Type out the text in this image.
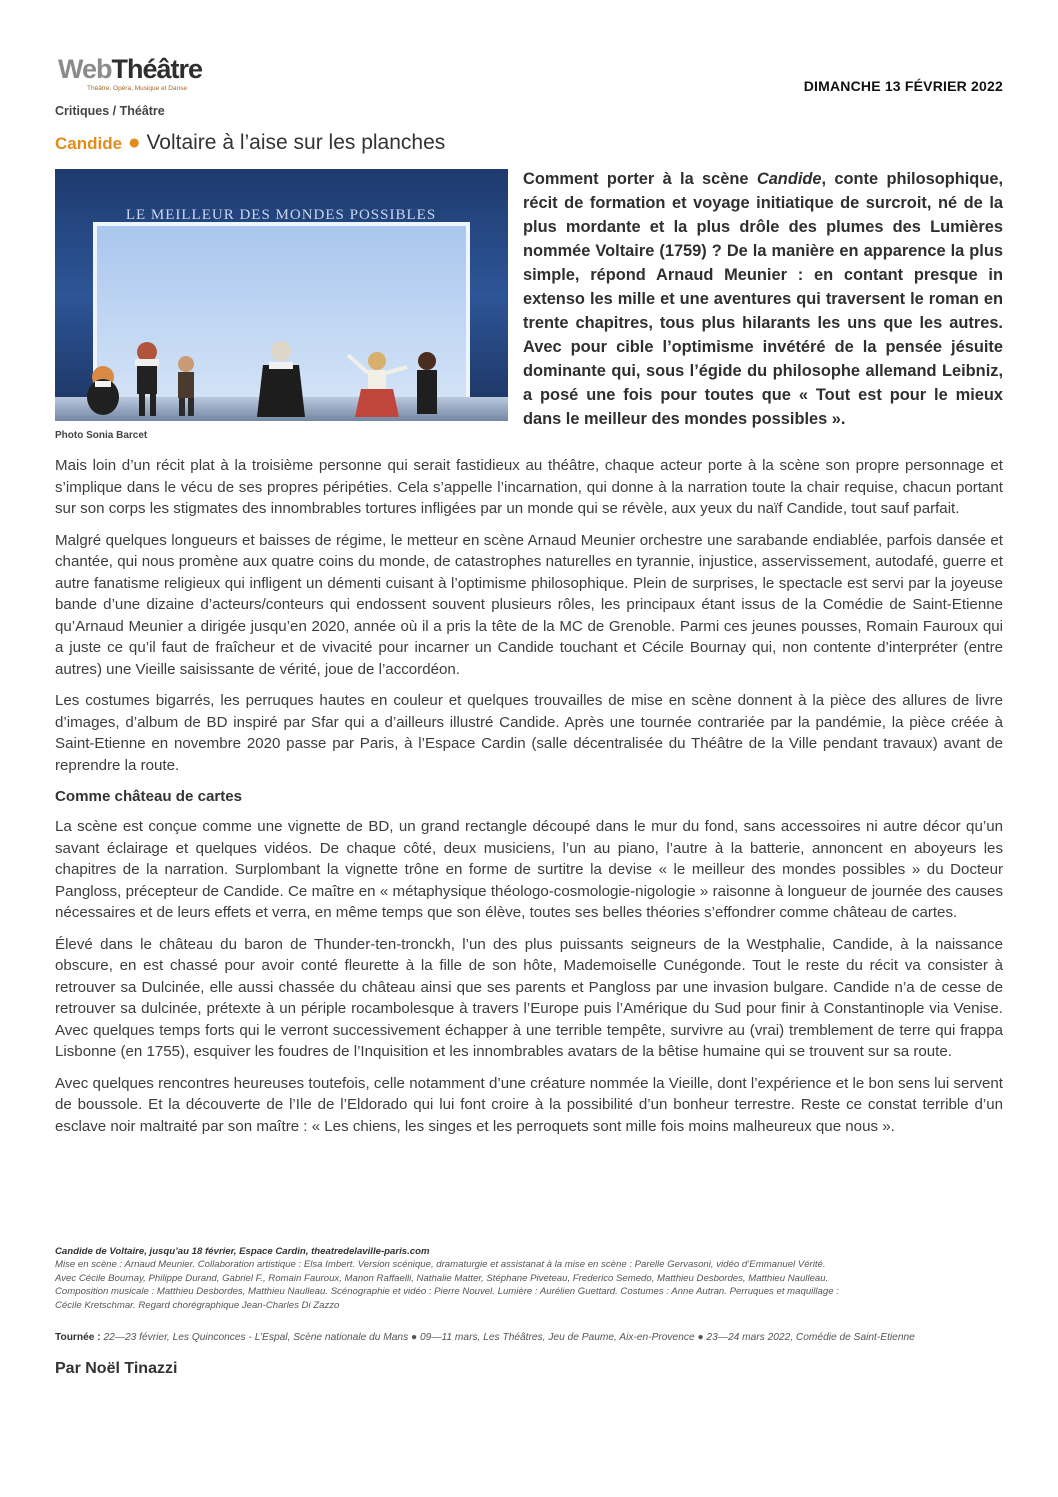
WebThéâtre
Théâtre, Opéra, Musique et Danse	DIMANCHE 13 FÉVRIER 2022
Critiques / Théâtre
Candide ● Voltaire à l’aise sur les planches
LE MEILLEUR DES MONDES POSSIBLES
Photo Sonia Barcet

Comment porter à la scène Candide, conte philosophique, récit de formation et voyage initiatique de surcroit, né de la plus mordante et la plus drôle des plumes des Lumières nommée Voltaire (1759) ? De la manière en apparence la plus simple, répond Arnaud Meunier : en contant presque in extenso les mille et une aventures qui traversent le roman en trente chapitres, tous plus hilarants les uns que les autres. Avec pour cible l’optimisme invétéré de la pensée jésuite dominante qui, sous l’égide du philosophe allemand Leibniz, a posé une fois pour toutes que « Tout est pour le mieux dans le meilleur des mondes possibles ».

Mais loin d’un récit plat à la troisième personne qui serait fastidieux au théâtre, chaque acteur porte à la scène son propre personnage et s’implique dans le vécu de ses propres péripéties. Cela s’appelle l’incarnation, qui donne à la narration toute la chair requise, chacun portant sur son corps les stigmates des innombrables tortures infligées par un monde qui se révèle, aux yeux du naïf Candide, tout sauf parfait.

Malgré quelques longueurs et baisses de régime, le metteur en scène Arnaud Meunier orchestre une sarabande endiablée, parfois dansée et chantée, qui nous promène aux quatre coins du monde, de catastrophes naturelles en tyrannie, injustice, asservissement, autodafé, guerre et autre fanatisme religieux qui infligent un démenti cuisant à l’optimisme philosophique. Plein de surprises, le spectacle est servi par la joyeuse bande d’une dizaine d’acteurs/conteurs qui endossent souvent plusieurs rôles, les principaux étant issus de la Comédie de Saint-Etienne qu’Arnaud Meunier a dirigée jusqu’en 2020, année où il a pris la tête de la MC de Grenoble. Parmi ces jeunes pousses, Romain Fauroux qui a juste ce qu’il faut de fraîcheur et de vivacité pour incarner un Candide touchant et Cécile Bournay qui, non contente d’interpréter (entre autres) une Vieille saisissante de vérité, joue de l’accordéon.

Les costumes bigarrés, les perruques hautes en couleur et quelques trouvailles de mise en scène donnent à la pièce des allures de livre d’images, d’album de BD inspiré par Sfar qui a d’ailleurs illustré Candide. Après une tournée contrariée par la pandémie, la pièce créée à Saint-Etienne en novembre 2020 passe par Paris, à l’Espace Cardin (salle décentralisée du Théâtre de la Ville pendant travaux) avant de reprendre la route.

Comme château de cartes

La scène est conçue comme une vignette de BD, un grand rectangle découpé dans le mur du fond, sans accessoires ni autre décor qu’un savant éclairage et quelques vidéos. De chaque côté, deux musiciens, l’un au piano, l’autre à la batterie, annoncent en aboyeurs les chapitres de la narration. Surplombant la vignette trône en forme de surtitre la devise « le meilleur des mondes possibles » du Docteur Pangloss, précepteur de Candide. Ce maître en « métaphysique théologo-cosmologie-nigologie » raisonne à longueur de journée des causes nécessaires et de leurs effets et verra, en même temps que son élève, toutes ses belles théories s’effondrer comme château de cartes.

Élevé dans le château du baron de Thunder-ten-tronckh, l’un des plus puissants seigneurs de la Westphalie, Candide, à la naissance obscure, en est chassé pour avoir conté fleurette à la fille de son hôte, Mademoiselle Cunégonde. Tout le reste du récit va consister à retrouver sa Dulcinée, elle aussi chassée du château ainsi que ses parents et Pangloss par une invasion bulgare. Candide n’a de cesse de retrouver sa dulcinée, prétexte à un périple rocambolesque à travers l’Europe puis l’Amérique du Sud pour finir à Constantinople via Venise. Avec quelques temps forts qui le verront successivement échapper à une terrible tempête, survivre au (vrai) tremblement de terre qui frappa Lisbonne (en 1755), esquiver les foudres de l’Inquisition et les innombrables avatars de la bêtise humaine qui se trouvent sur sa route.

Avec quelques rencontres heureuses toutefois, celle notamment d’une créature nommée la Vieille, dont l’expérience et le bon sens lui servent de boussole. Et la découverte de l’Ile de l’Eldorado qui lui font croire à la possibilité d’un bonheur terrestre. Reste ce constat terrible d’un esclave noir maltraité par son maître : « Les chiens, les singes et les perroquets sont mille fois moins malheureux que nous ».

Candide de Voltaire, jusqu’au 18 février, Espace Cardin, theatredelaville-paris.com
Mise en scène : Arnaud Meunier. Collaboration artistique : Elsa Imbert. Version scénique, dramaturgie et assistanat à la mise en scène : Parelle Gervasoni, vidéo d’Emmanuel Vérité.
Avec Cécile Bournay, Philippe Durand, Gabriel F., Romain Fauroux, Manon Raffaelli, Nathalie Matter, Stéphane Piveteau, Frederico Semedo, Matthieu Desbordes, Matthieu Naulleau.
Composition musicale : Matthieu Desbordes, Matthieu Naulleau. Scénographie et vidéo : Pierre Nouvel. Lumière : Aurélien Guettard. Costumes : Anne Autran. Perruques et maquillage :
Cécile Kretschmar. Regard chorégraphique Jean-Charles Di Zazzo
Tournée : 22—23 février, Les Quinconces - L’Espal, Scène nationale du Mans ● 09—11 mars, Les Théâtres, Jeu de Paume, Aix-en-Provence ● 23—24 mars 2022, Comédie de Saint-Etienne
Par Noël Tinazzi
